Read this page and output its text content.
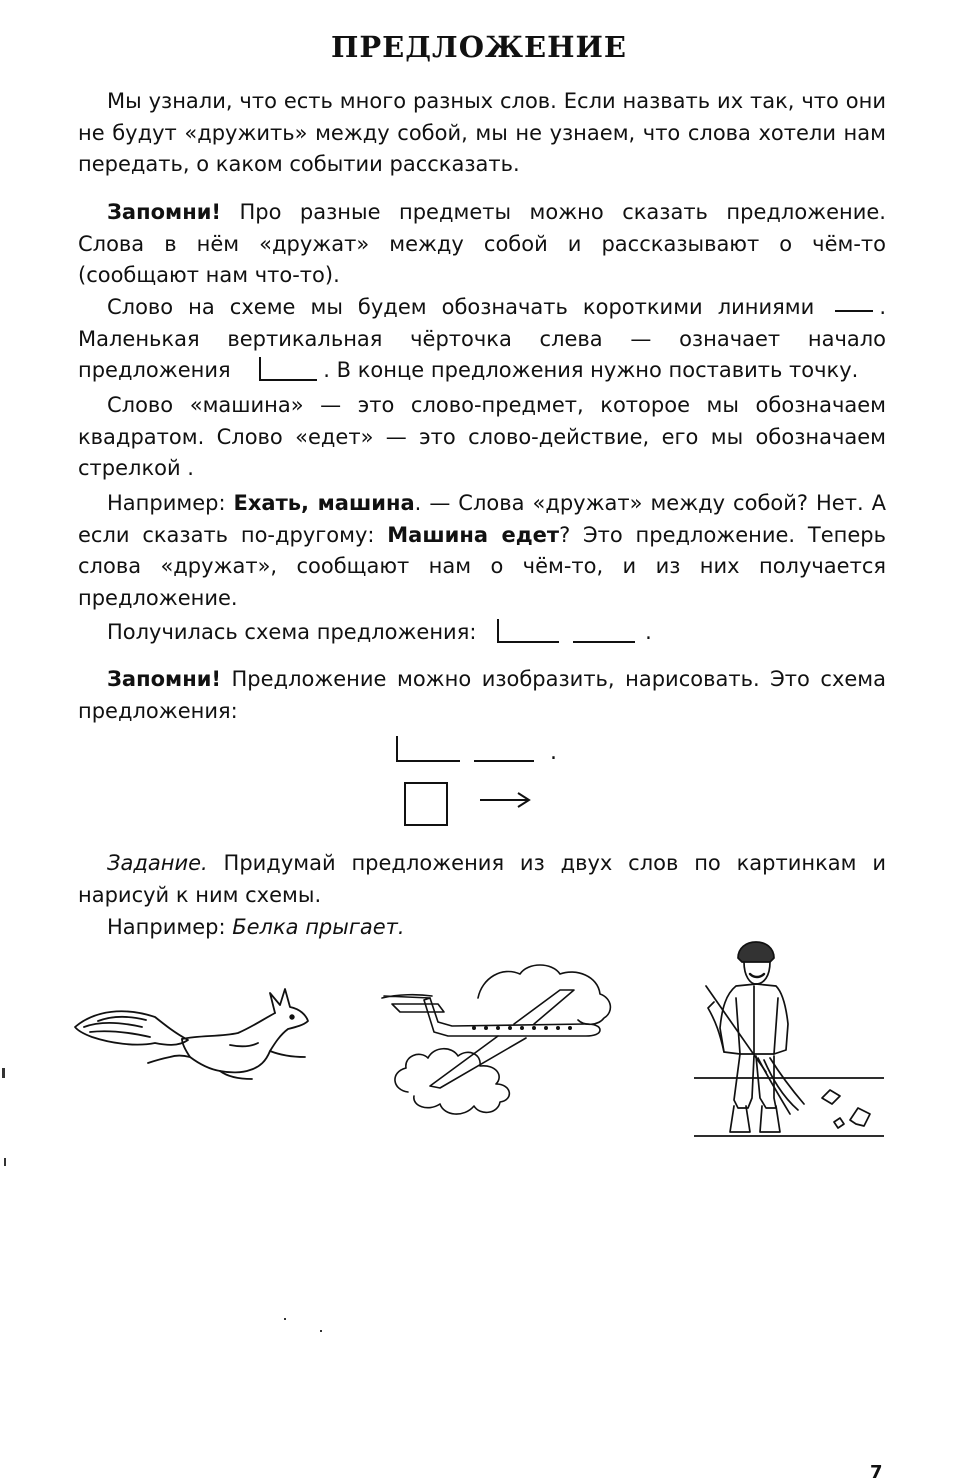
ПРЕДЛОЖЕНИЕ

Мы узнали, что есть много разных слов. Если назвать их так, что они не будут «дружить» между собой, мы не узнаем, что слова хотели нам передать, о каком событии рассказать.

Запомни! Про разные предметы можно сказать предложение. Слова в нём «дружат» между собой и рассказывают о чём-то (сообщают нам что-то).

Слово на схеме мы будем обозначать короткими линиями . Маленькая вертикальная чёрточка слева — означает начало предложения	. В конце предложения нужно поставить точку.

Слово «машина» — это слово-предмет, которое мы обозначаем квадратом. Слово «едет» — это слово-действие, его мы обозначаем стрелкой .

Например: Ехать, машина. — Слова «дружат» между собой? Нет. А если сказать по-другому: Машина едет? Это предложение. Теперь слова «дружат», сообщают нам о чём-то, и из них получается предложение.

Получилась схема предложения:	.

Запомни! Предложение можно изобразить, нарисовать. Это схема предложения:

.

Задание. Придумай предложения из двух слов по картинкам и нарисуй к ним схемы.

Например: Белка прыгает.

7
